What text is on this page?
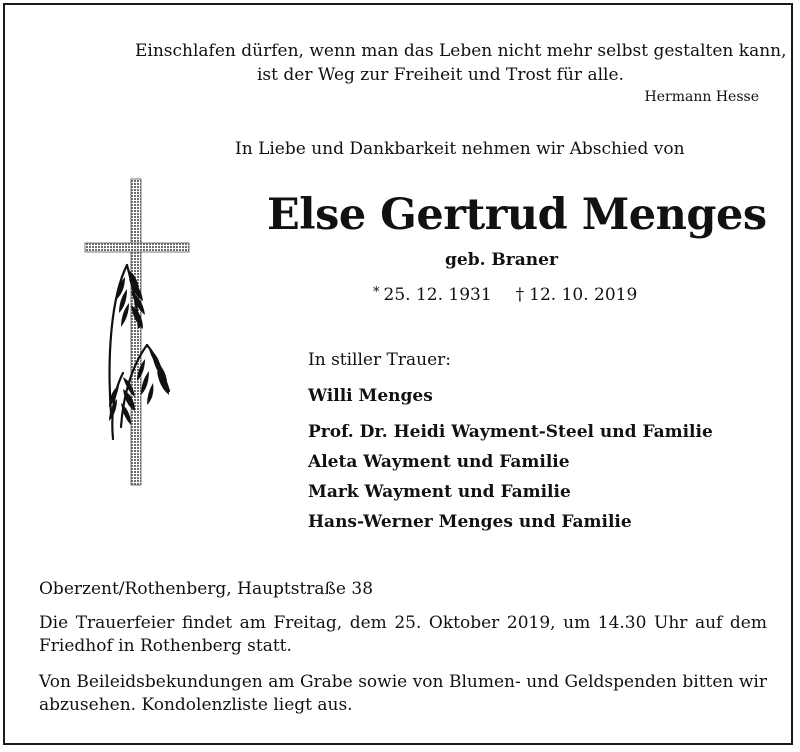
Einschlafen dürfen, wenn man das Leben nicht mehr selbst gestalten kann,
ist der Weg zur Freiheit und Trost für alle.
Hermann Hesse
In Liebe und Dankbarkeit nehmen wir Abschied von
Else Gertrud Menges
geb. Braner
* 25. 12. 1931 † 12. 10. 2019
In stiller Trauer:
Willi Menges
Prof. Dr. Heidi Wayment-Steel und Familie
Aleta Wayment und Familie
Mark Wayment und Familie
Hans-Werner Menges und Familie
Oberzent/Rothenberg, Hauptstraße 38
Die Trauerfeier findet am Freitag, dem 25. Oktober 2019, um 14.30 Uhr auf dem Friedhof in Rothenberg statt.
Von Beileidsbekundungen am Grabe sowie von Blumen- und Geldspenden bitten wir abzusehen. Kondolenzliste liegt aus.
